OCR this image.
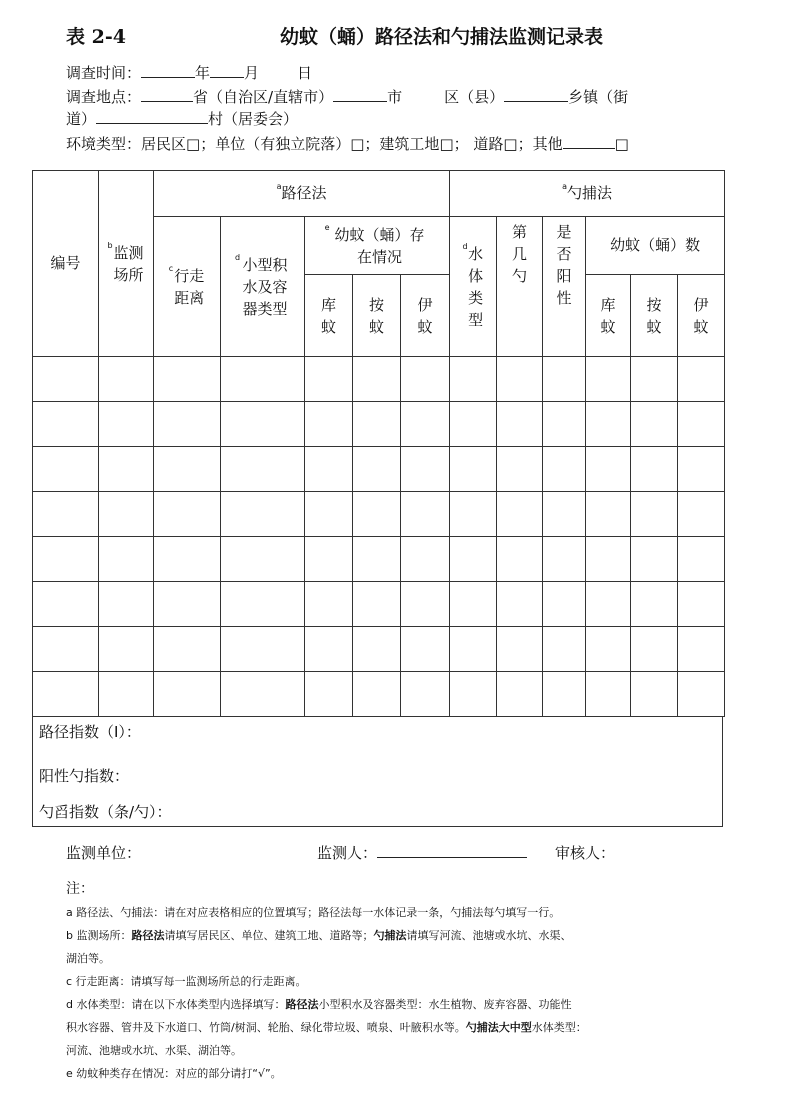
表 2-4	幼蚊（蛹）路径法和勺捕法监测记录表
调查时间：	年 月	日
调查地点：	省（自治区/直辖市）	市	区（县）	乡镇（街
道）	村（居委会）
环境类型：居民区□；单位（有独立院落）□；建筑工地□； 道路□；其他	□
编号	$^b$监测场所	$^a$路径法					$^a$勺捕法					
		$^c$行走距离	$^d$ 小型积水及容器类型	$^e$ 幼蚊（蛹）存在情况			$^d$水体类型	第几勺	是否阳性	幼蚊（蛹）数		
				库蚊	按蚊	伊蚊				库蚊	按蚊	伊蚊

路径指数（I）：
阳性勺指数：
勺舀指数（条/勺）：
监测单位：	监测人：	审核人：
注：
a 路径法、勺捕法：请在对应表格相应的位置填写；路径法每一水体记录一条，勺捕法每勺填写一行。
b 监测场所：路径法请填写居民区、单位、建筑工地、道路等；勺捕法请填写河流、池塘或水坑、水渠、
湖泊等。
c 行走距离：请填写每一监测场所总的行走距离。
d 水体类型：请在以下水体类型内选择填写：路径法小型积水及容器类型：水生植物、废弃容器、功能性
积水容器、管井及下水道口、竹筒/树洞、轮胎、绿化带垃圾、喷泉、叶腋积水等。勺捕法大中型水体类型：
河流、池塘或水坑、水渠、湖泊等。
e 幼蚊种类存在情况：对应的部分请打“√”。
